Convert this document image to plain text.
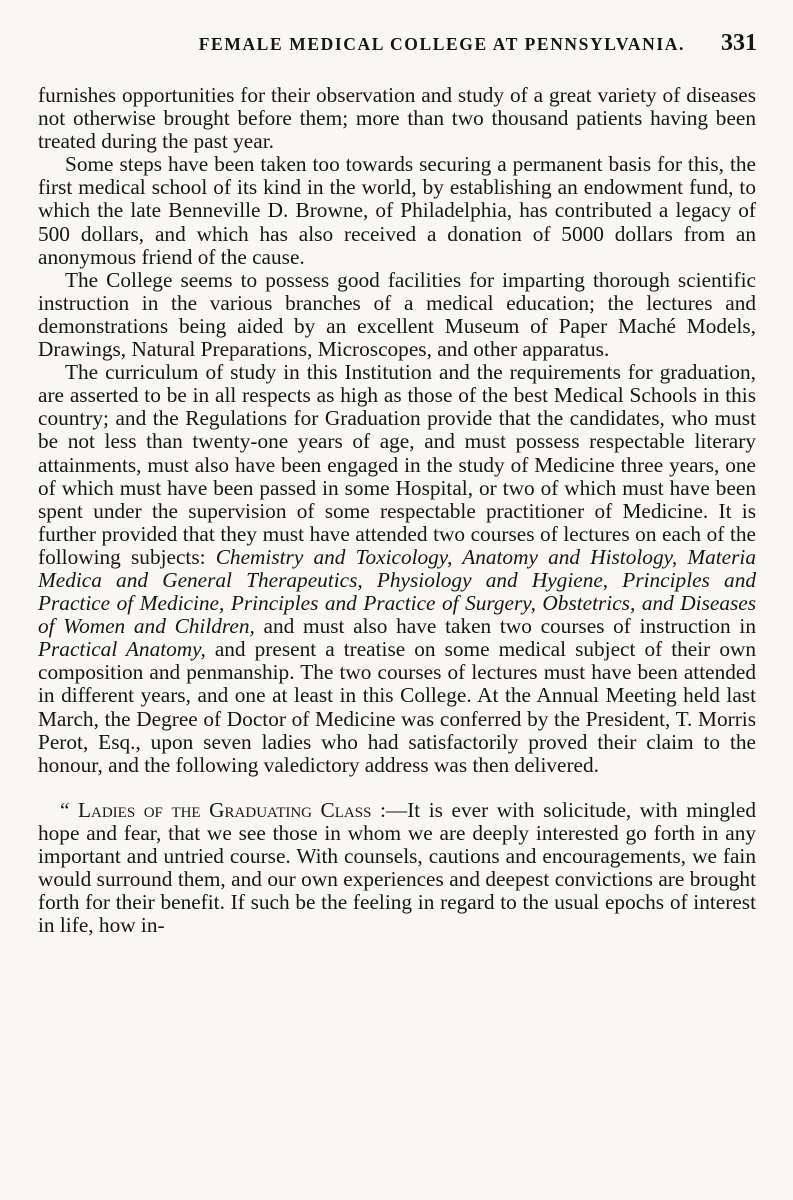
FEMALE MEDICAL COLLEGE AT PENNSYLVANIA. 331

furnishes opportunities for their observation and study of a great variety of diseases not otherwise brought before them; more than two thousand patients having been treated during the past year.

Some steps have been taken too towards securing a permanent basis for this, the first medical school of its kind in the world, by establishing an endowment fund, to which the late Benneville D. Browne, of Philadelphia, has contributed a legacy of 500 dollars, and which has also received a donation of 5000 dollars from an anonymous friend of the cause.

The College seems to possess good facilities for imparting thorough scientific instruction in the various branches of a medical education; the lectures and demonstrations being aided by an excellent Museum of Paper Maché Models, Drawings, Natural Preparations, Microscopes, and other apparatus.

The curriculum of study in this Institution and the requirements for graduation, are asserted to be in all respects as high as those of the best Medical Schools in this country; and the Regulations for Graduation provide that the candidates, who must be not less than twenty-one years of age, and must possess respectable literary attainments, must also have been engaged in the study of Medicine three years, one of which must have been passed in some Hospital, or two of which must have been spent under the supervision of some respectable practitioner of Medicine. It is further provided that they must have attended two courses of lectures on each of the following subjects: Chemistry and Toxicology, Anatomy and Histology, Materia Medica and General Therapeutics, Physiology and Hygiene, Principles and Practice of Medicine, Principles and Practice of Surgery, Obstetrics, and Diseases of Women and Children, and must also have taken two courses of instruction in Practical Anatomy, and present a treatise on some medical subject of their own composition and penmanship. The two courses of lectures must have been attended in different years, and one at least in this College. At the Annual Meeting held last March, the Degree of Doctor of Medicine was conferred by the President, T. Morris Perot, Esq., upon seven ladies who had satisfactorily proved their claim to the honour, and the following valedictory address was then delivered.

“ Ladies of the Graduating Class :—It is ever with solicitude, with mingled hope and fear, that we see those in whom we are deeply interested go forth in any important and untried course. With counsels, cautions and encouragements, we fain would surround them, and our own experiences and deepest convictions are brought forth for their benefit. If such be the feeling in regard to the usual epochs of interest in life, how in-
